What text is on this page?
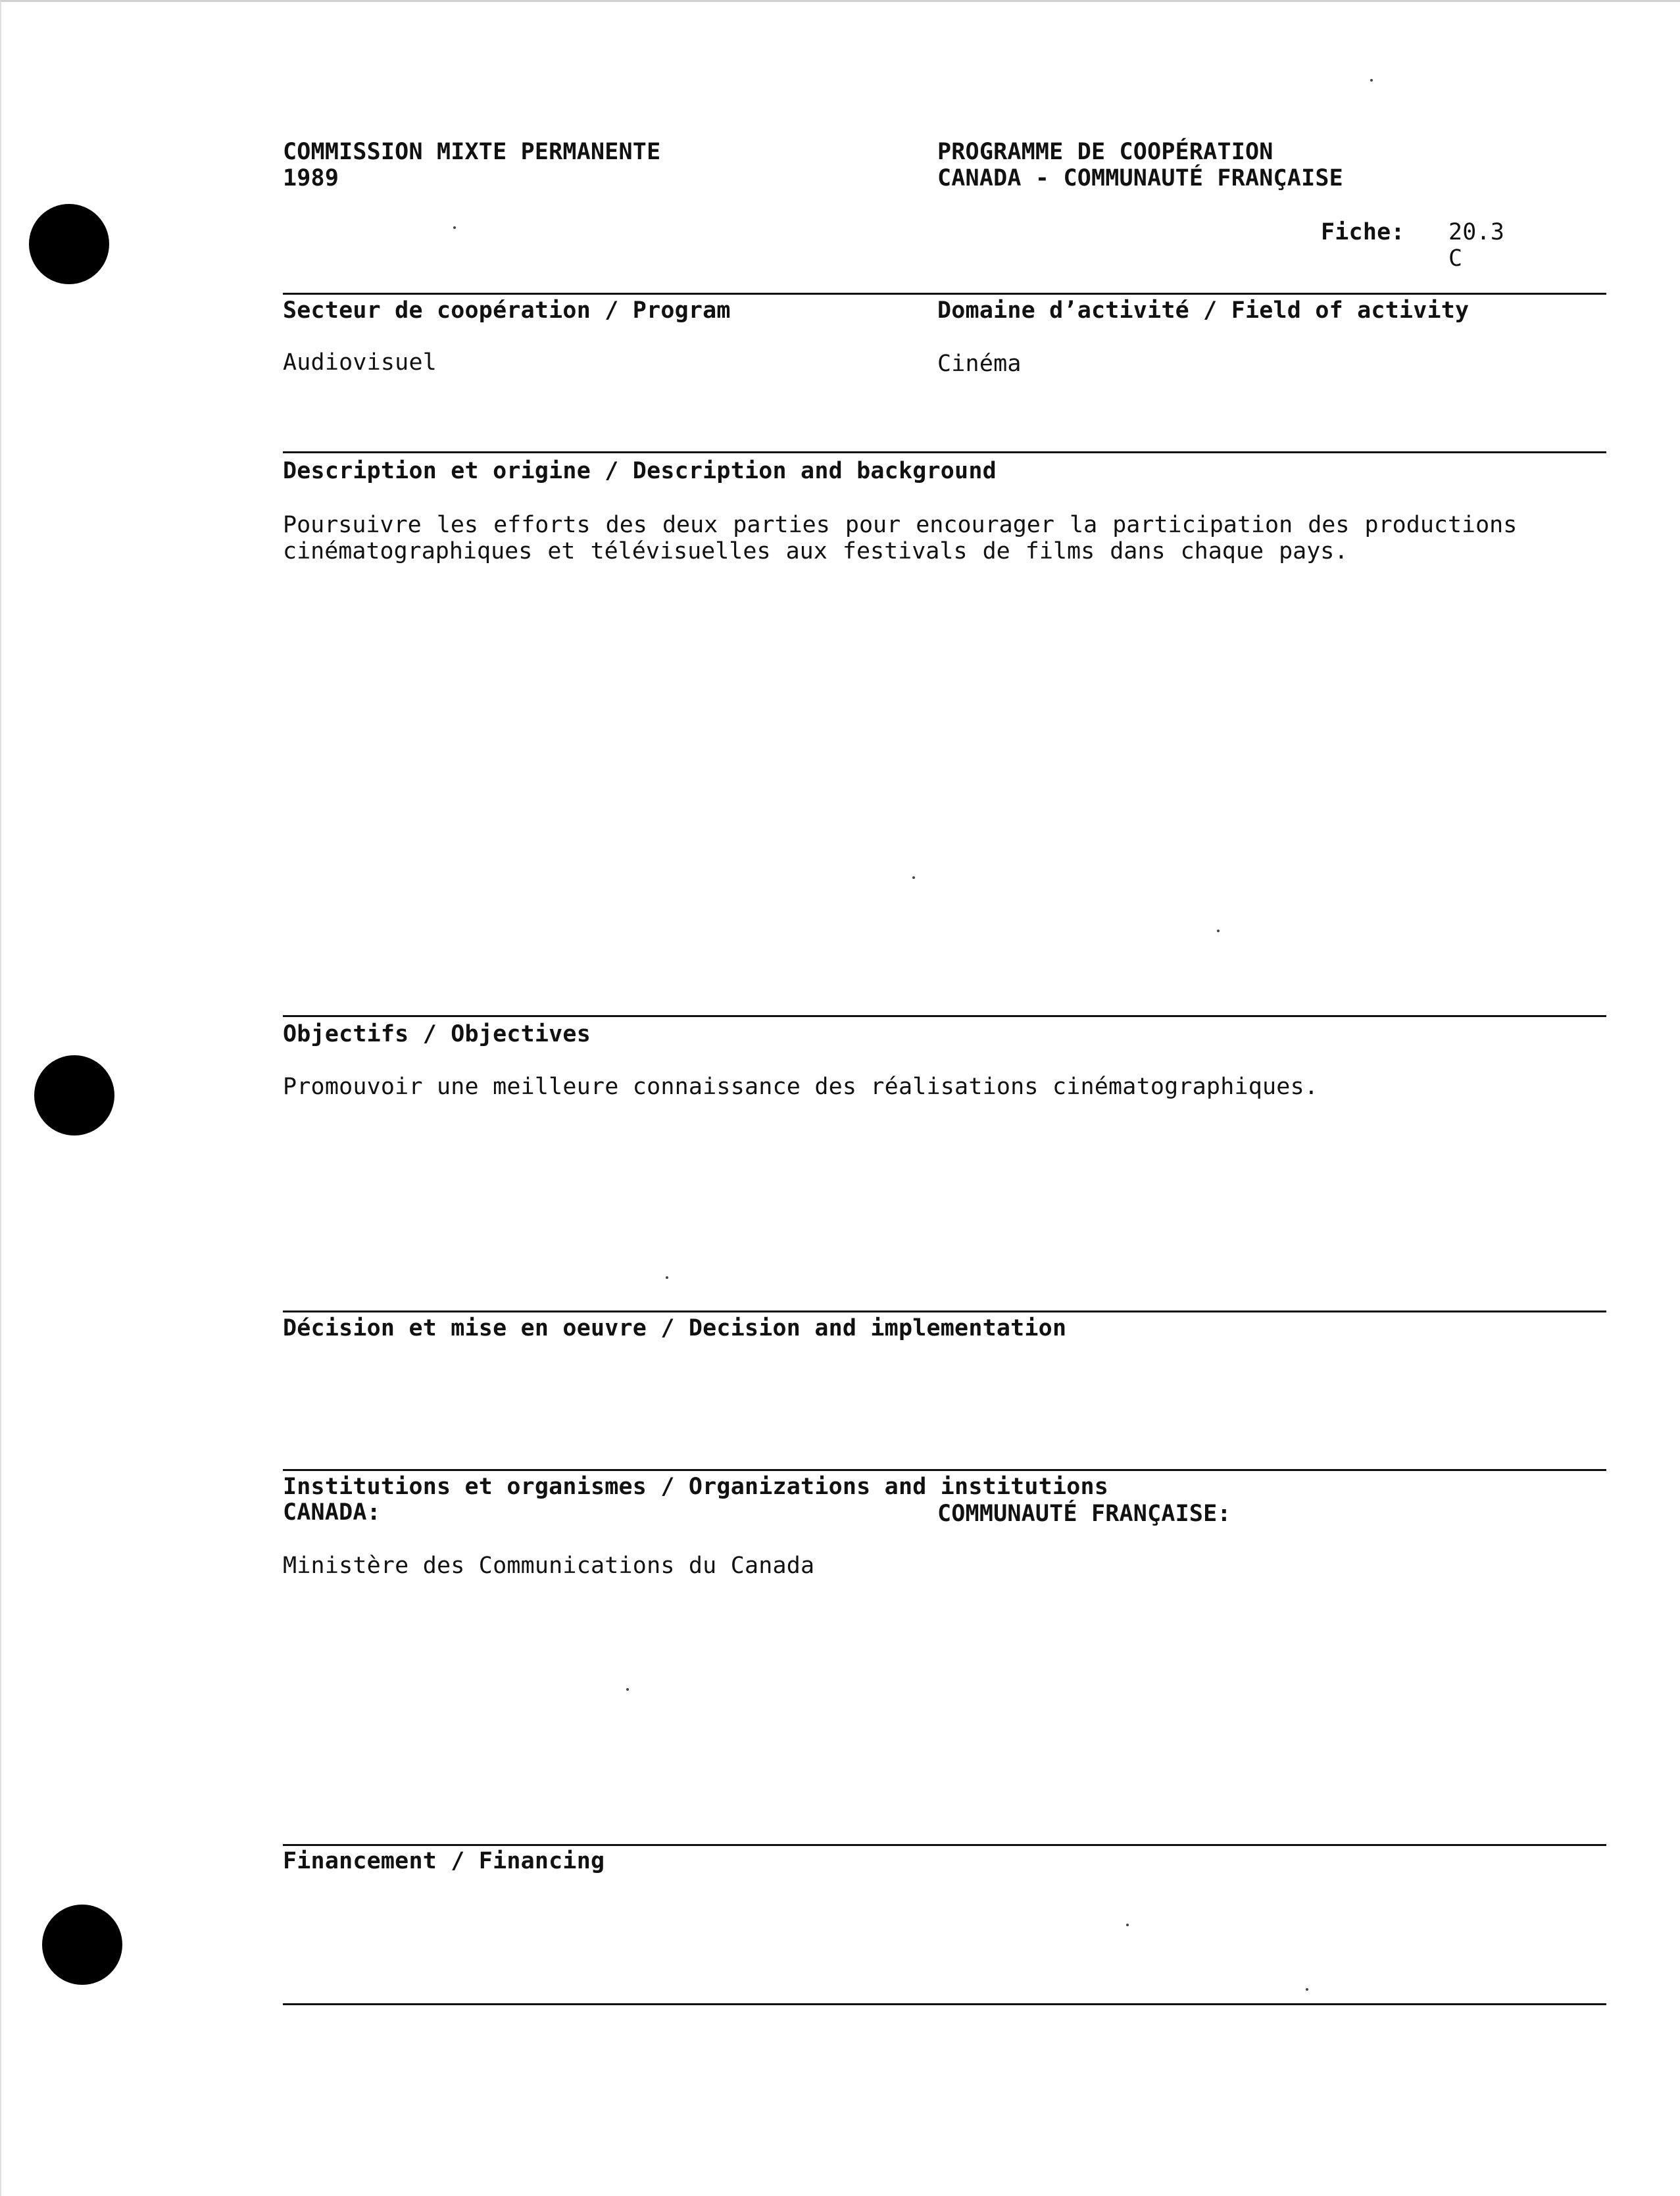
COMMISSION MIXTE PERMANENTE
1989
PROGRAMME DE COOPÉRATION
CANADA - COMMUNAUTÉ FRANÇAISE
Fiche: 20.3
C
Secteur de coopération / Program	Domaine d’activité / Field of activity
Audiovisuel	Cinéma
Description et origine / Description and background
Poursuivre les efforts des deux parties pour encourager la participation des productions cinématographiques et télévisuelles aux festivals de films dans chaque pays.
Objectifs / Objectives
Promouvoir une meilleure connaissance des réalisations cinématographiques.
Décision et mise en oeuvre / Decision and implementation
Institutions et organismes / Organizations and institutions
CANADA:	COMMUNAUTÉ FRANÇAISE:
Ministère des Communications du Canada
Financement / Financing
